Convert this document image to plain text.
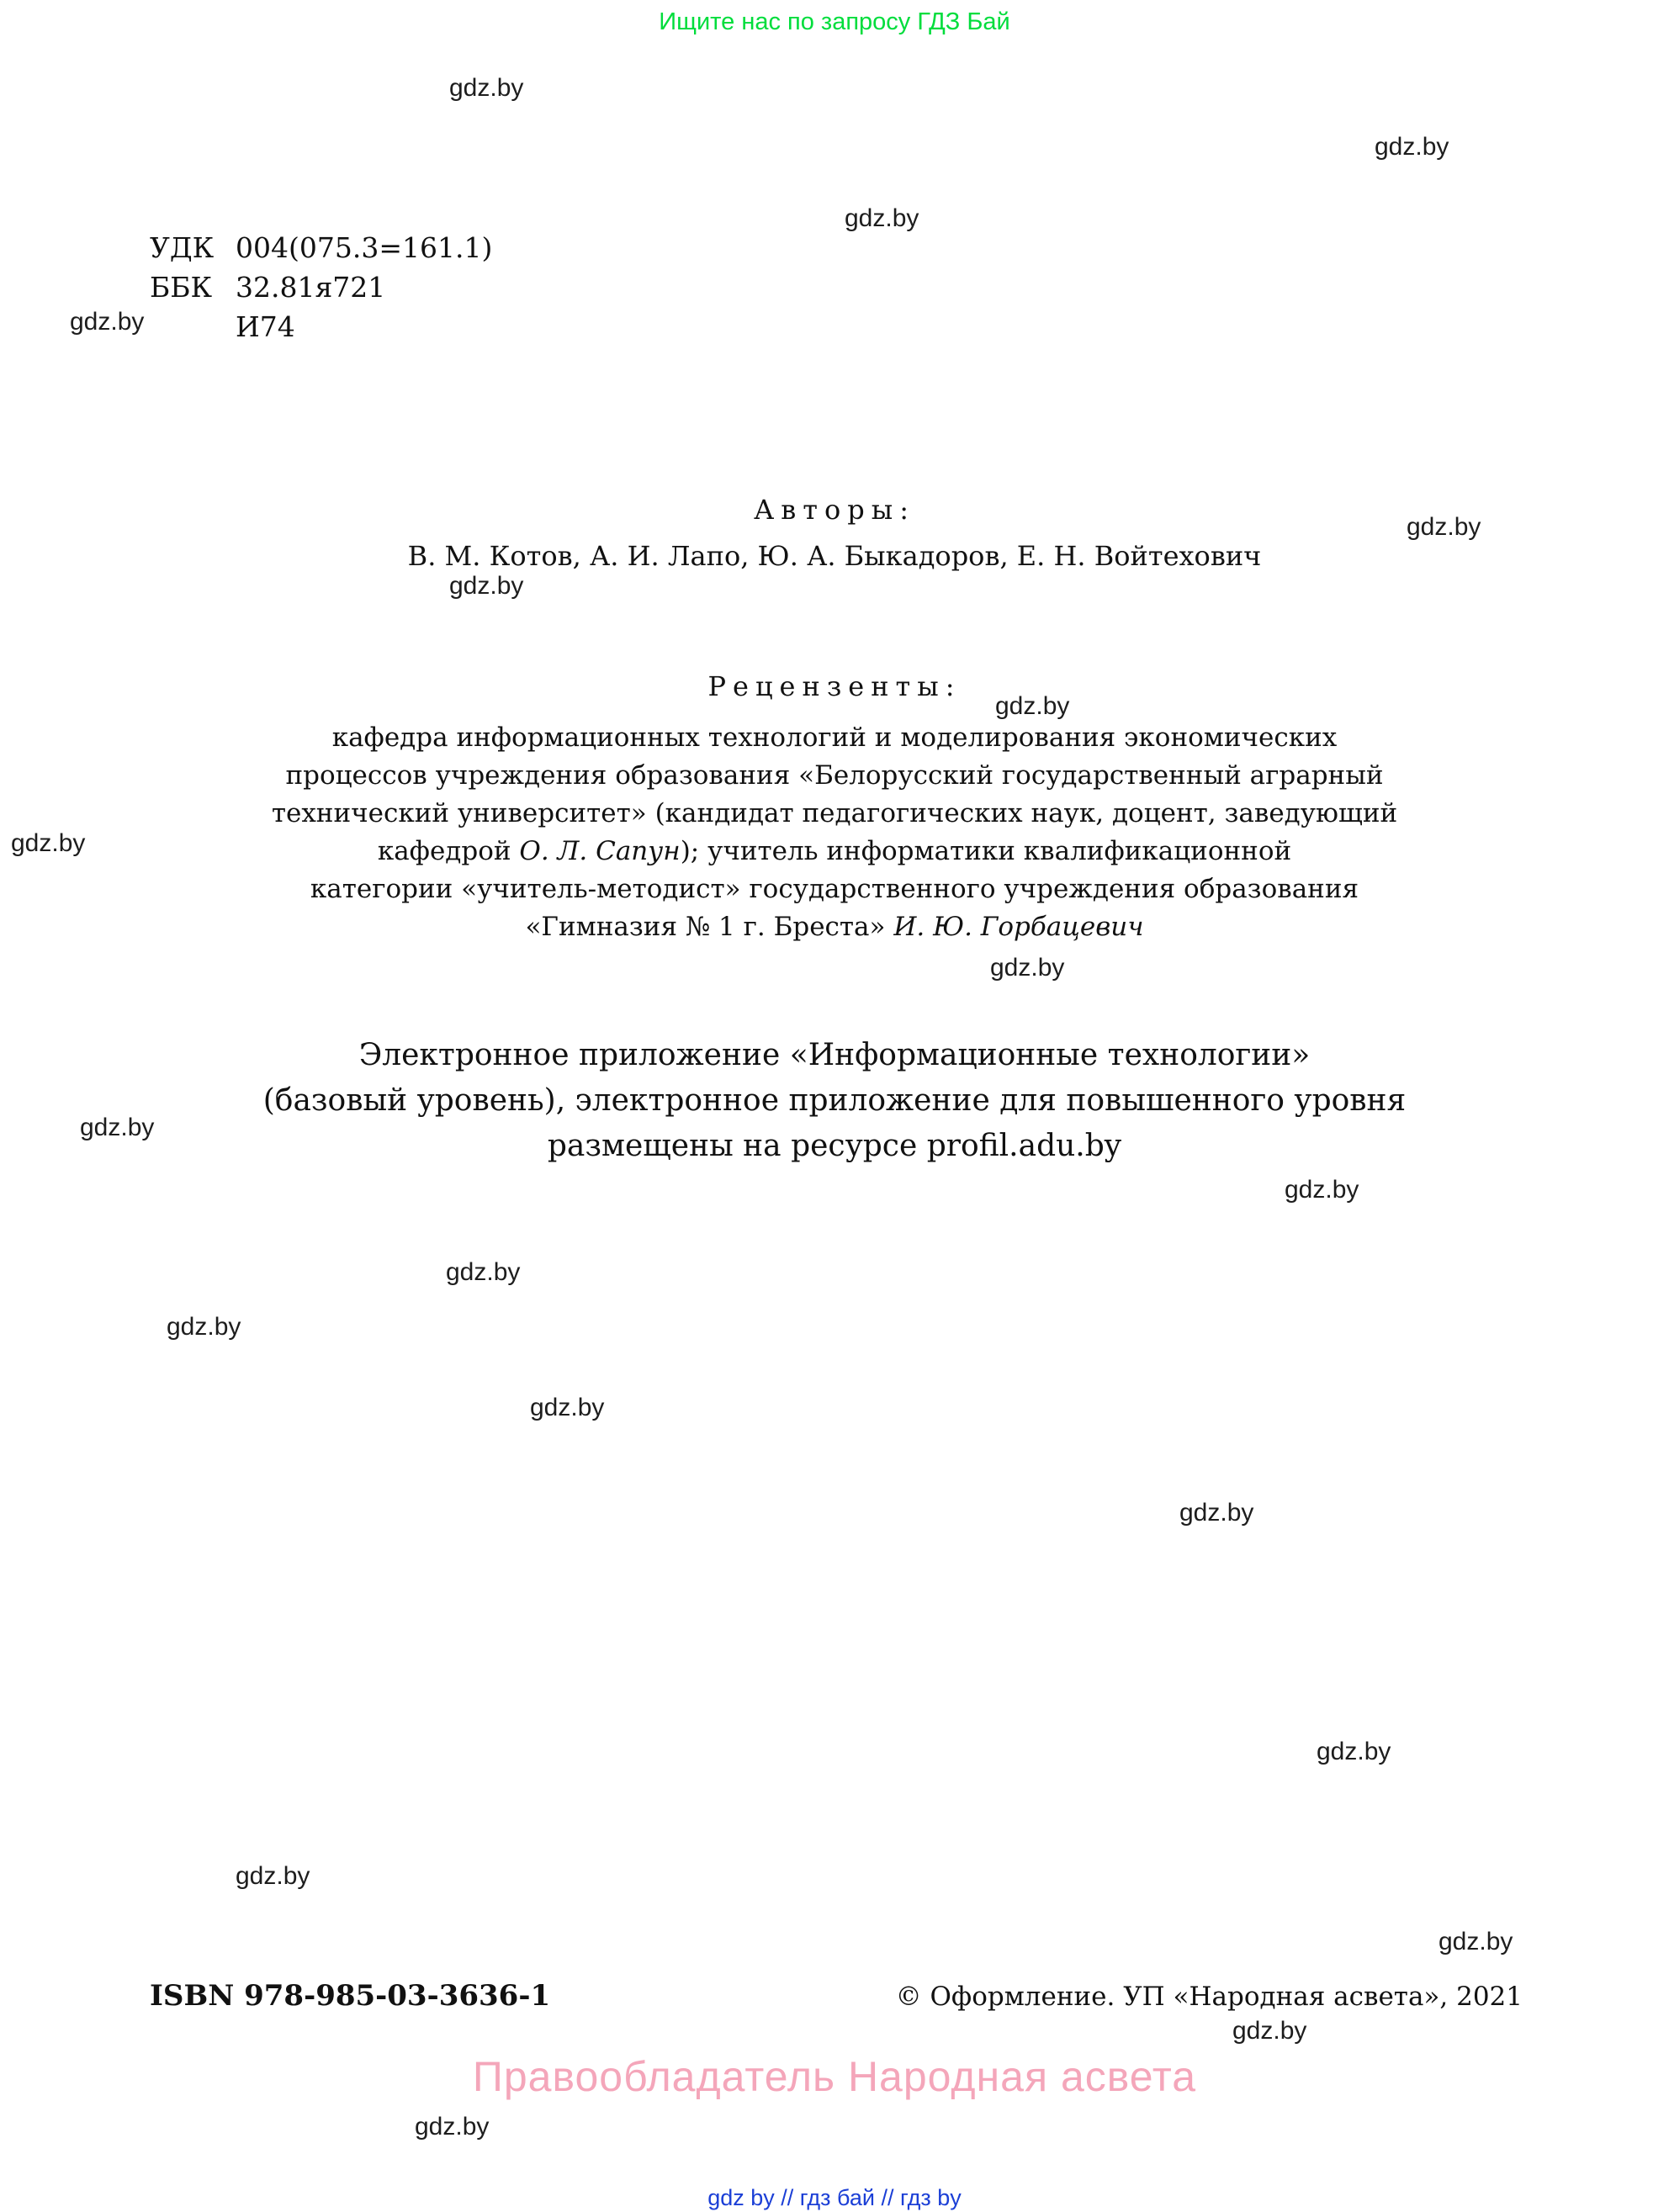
Ищите нас по запросу ГДЗ Бай
УДК 004(075.3=161.1)
ББК 32.81я721
И74
Авторы:
В. М. Котов, А. И. Лапо, Ю. А. Быкадоров, Е. Н. Войтехович
Рецензенты:
кафедра информационных технологий и моделирования экономических
процессов учреждения образования «Белорусский государственный аграрный
технический университет» (кандидат педагогических наук, доцент, заведующий
кафедрой О. Л. Сапун); учитель информатики квалификационной
категории «учитель-методист» государственного учреждения образования
«Гимназия № 1 г. Бреста» И. Ю. Горбацевич
Электронное приложение «Информационные технологии»
(базовый уровень), электронное приложение для повышенного уровня
размещены на ресурсе profil.adu.by
ISBN 978-985-03-3636-1	© Оформление. УП «Народная асвета», 2021
Правообладатель Народная асвета
gdz by // гдз бай // гдз by
gdz.by
gdz.by
gdz.by
gdz.by
gdz.by
gdz.by
gdz.by
gdz.by
gdz.by
gdz.by
gdz.by
gdz.by
gdz.by
gdz.by
gdz.by
gdz.by
gdz.by
gdz.by
gdz.by
gdz.by
